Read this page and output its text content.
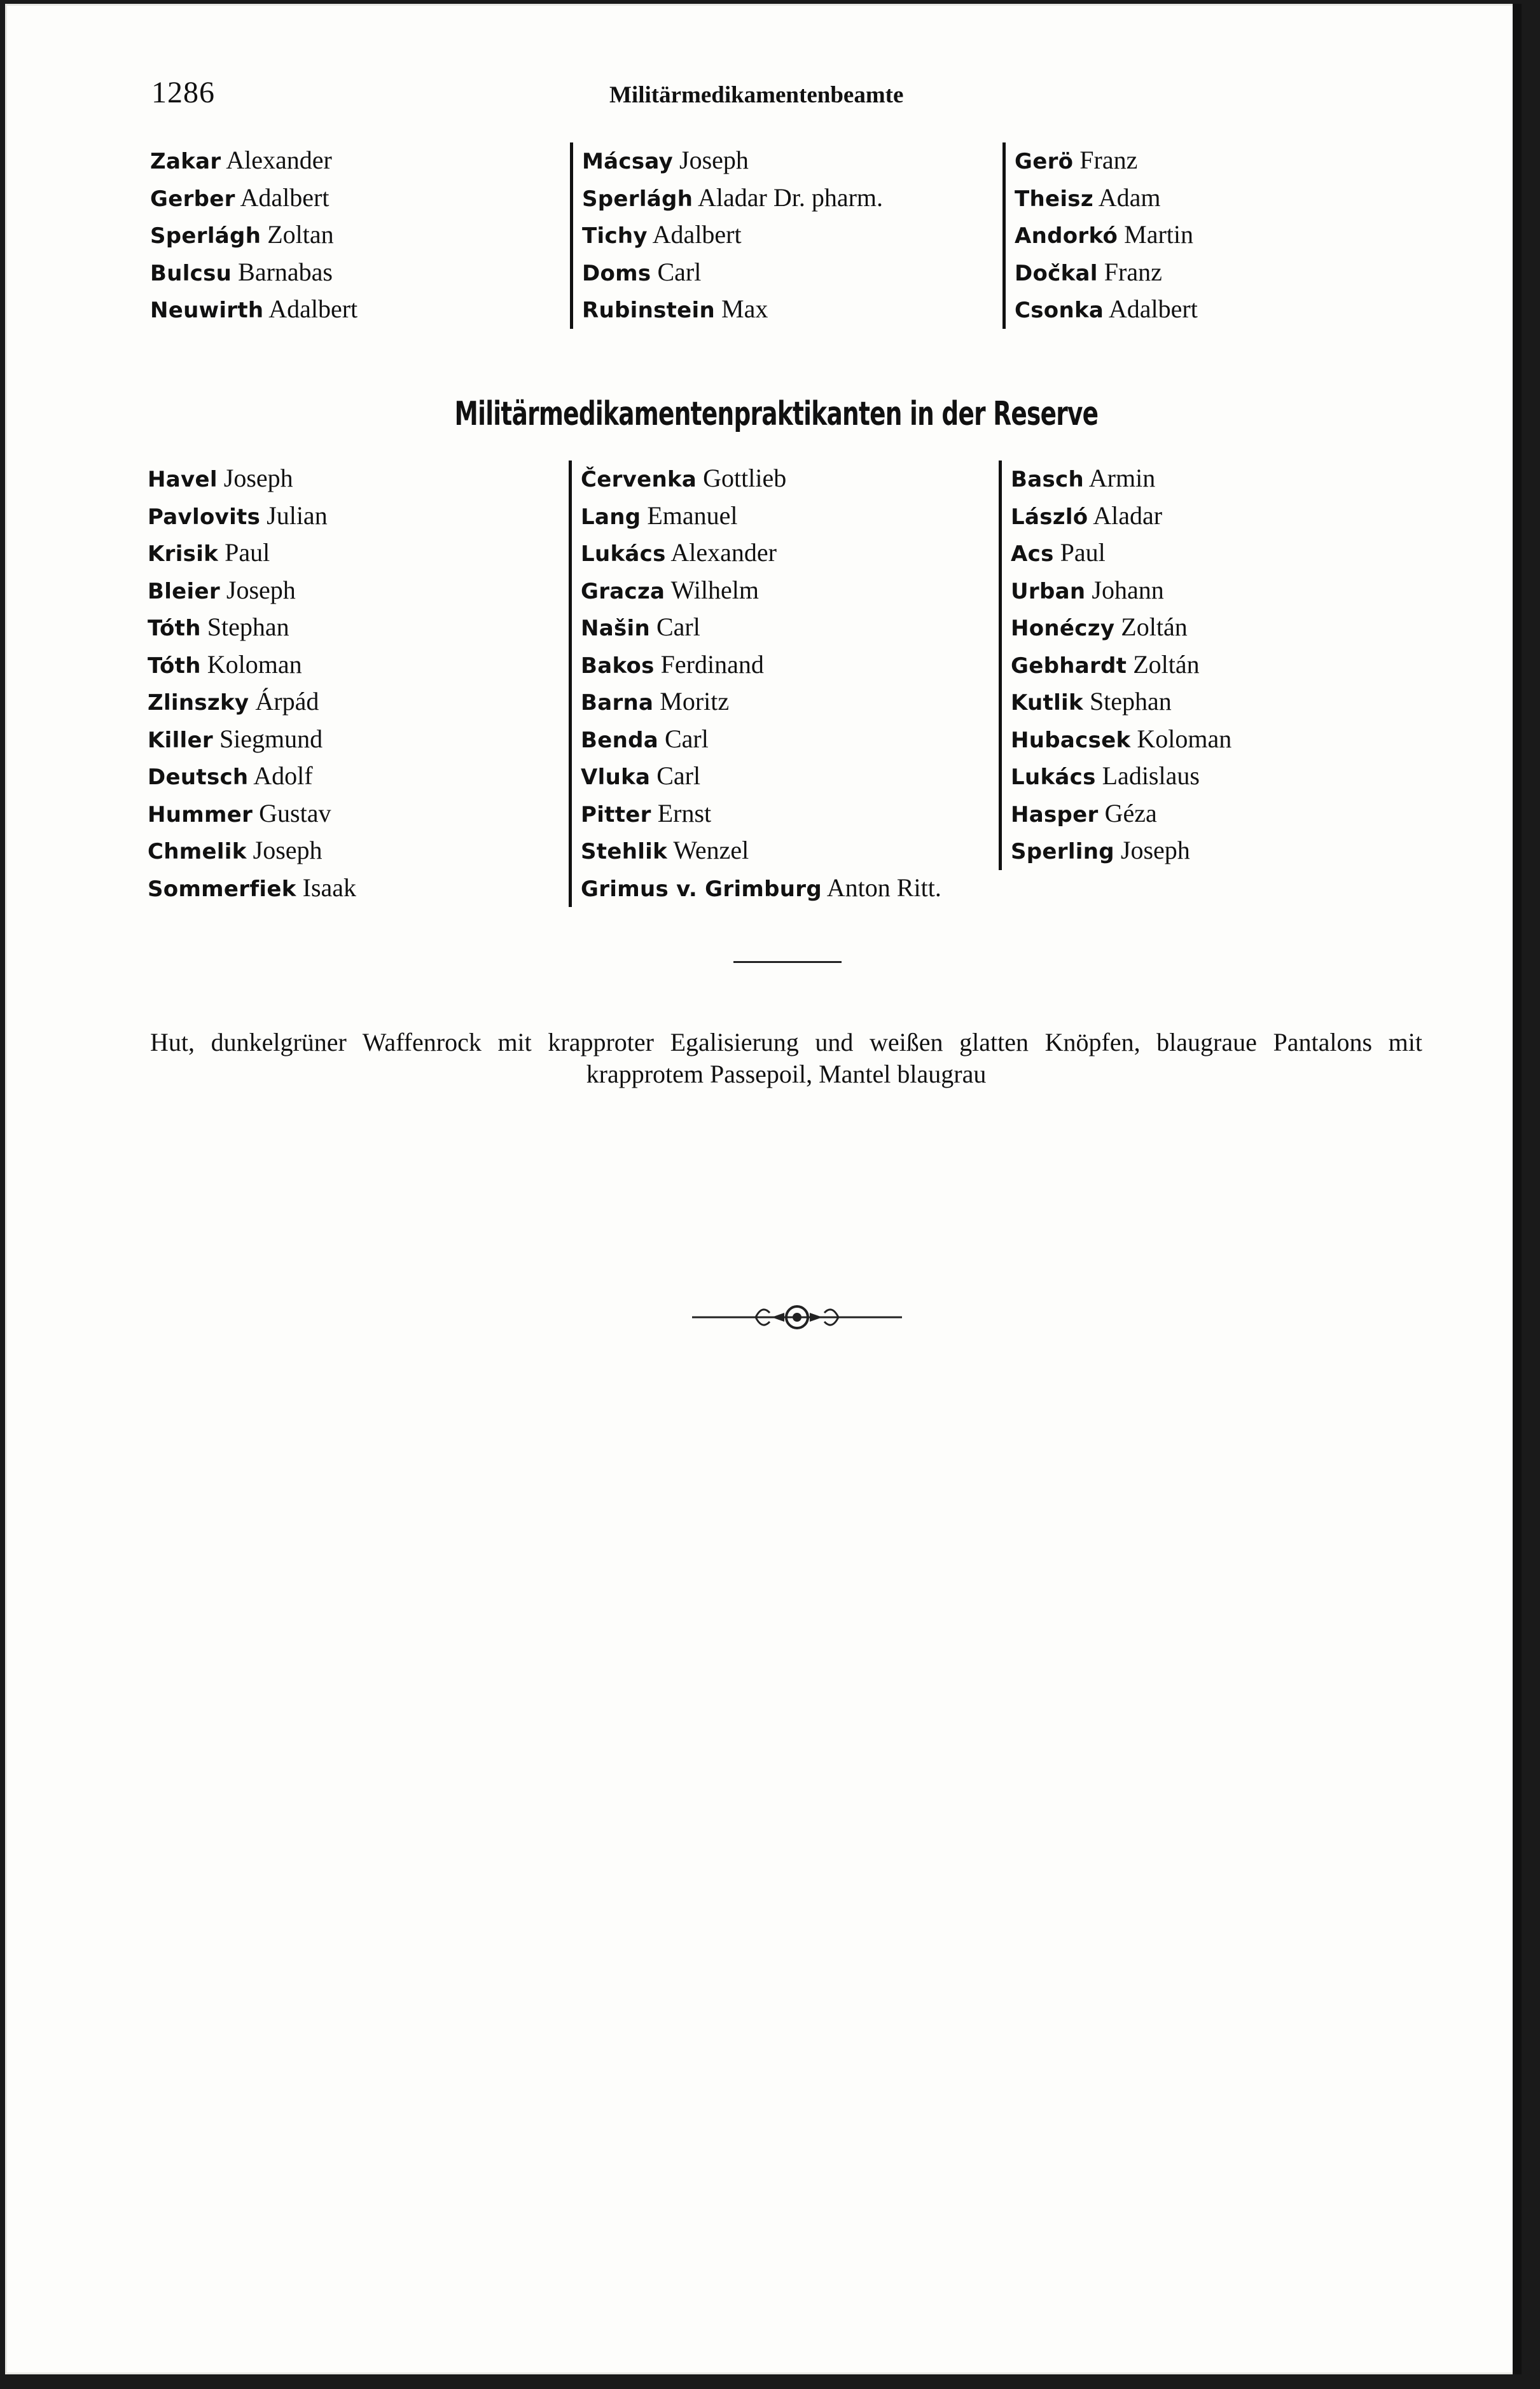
1286	Militärmedikamentenbeamte
Zakar Alexander
Gerber Adalbert
Sperlágh Zoltan
Bulcsu Barnabas
Neuwirth Adalbert
Mácsay Joseph
Sperlágh Aladar Dr. pharm.
Tichy Adalbert
Doms Carl
Rubinstein Max
Gerö Franz
Theisz Adam
Andorkó Martin
Dočkal Franz
Csonka Adalbert
Militärmedikamentenpraktikanten in der Reserve
Havel Joseph
Pavlovits Julian
Krisik Paul
Bleier Joseph
Tóth Stephan
Tóth Koloman
Zlinszky Árpád
Killer Siegmund
Deutsch Adolf
Hummer Gustav
Chmelik Joseph
Sommerfiek Isaak
Červenka Gottlieb
Lang Emanuel
Lukács Alexander
Gracza Wilhelm
Našin Carl
Bakos Ferdinand
Barna Moritz
Benda Carl
Vluka Carl
Pitter Ernst
Stehlik Wenzel
Grimus v. Grimburg Anton Ritt.
Basch Armin
László Aladar
Acs Paul
Urban Johann
Honéczy Zoltán
Gebhardt Zoltán
Kutlik Stephan
Hubacsek Koloman
Lukács Ladislaus
Hasper Géza
Sperling Joseph
Hut, dunkelgrüner Waffenrock mit krapproter Egalisierung und weißen glatten Knöpfen, blaugraue Pantalons mit krapprotem Passepoil, Mantel blaugrau
